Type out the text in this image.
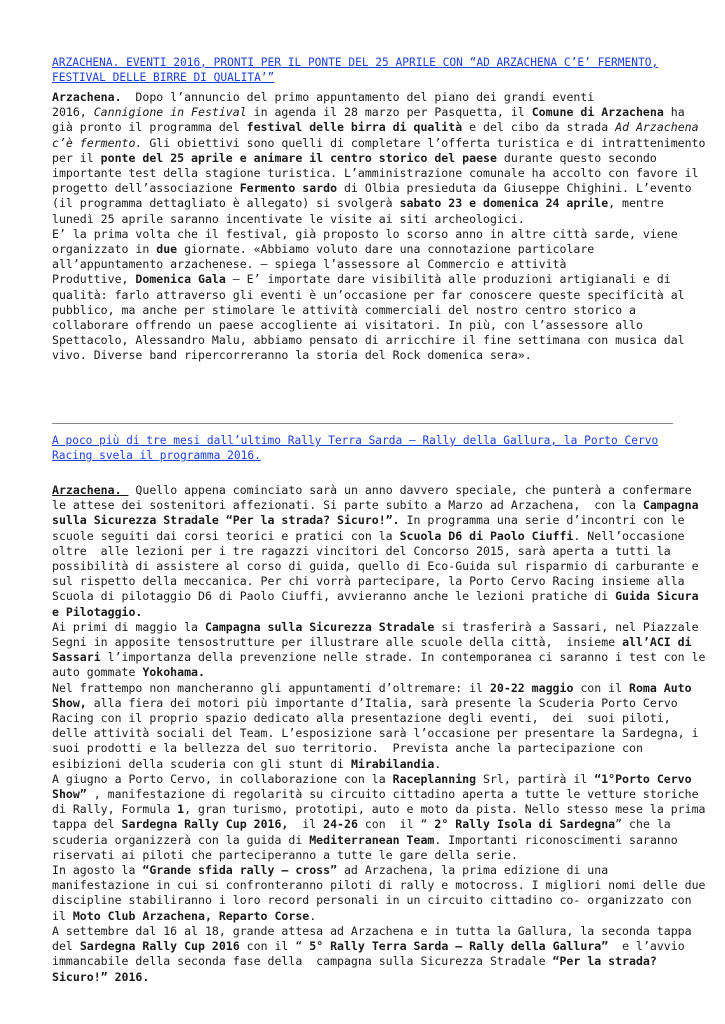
ARZACHENA. EVENTI 2016, PRONTI PER IL PONTE DEL 25 APRILE CON “AD ARZACHENA C’E’ FERMENTO,
FESTIVAL DELLE BIRRE DI QUALITA’”
Arzachena.  Dopo l’annuncio del primo appuntamento del piano dei grandi eventi
2016, Cannigione in Festival in agenda il 28 marzo per Pasquetta, il Comune di Arzachena ha
già pronto il programma del festival delle birra di qualità e del cibo da strada Ad Arzachena
c’è fermento. Gli obiettivi sono quelli di completare l’offerta turistica e di intrattenimento
per il ponte del 25 aprile e animare il centro storico del paese durante questo secondo
importante test della stagione turistica. L’amministrazione comunale ha accolto con favore il
progetto dell’associazione Fermento sardo di Olbia presieduta da Giuseppe Chighini. L’evento
(il programma dettagliato è allegato) si svolgerà sabato 23 e domenica 24 aprile, mentre
lunedì 25 aprile saranno incentivate le visite ai siti archeologici.
E’ la prima volta che il festival, già proposto lo scorso anno in altre città sarde, viene
organizzato in due giornate. «Abbiamo voluto dare una connotazione particolare
all’appuntamento arzachenese. – spiega l’assessore al Commercio e attività
Produttive, Domenica Gala – E’ importate dare visibilità alle produzioni artigianali e di
qualità: farlo attraverso gli eventi è un’occasione per far conoscere queste specificità al
pubblico, ma anche per stimolare le attività commerciali del nostro centro storico a
collaborare offrendo un paese accogliente ai visitatori. In più, con l’assessore allo
Spettacolo, Alessandro Malu, abbiamo pensato di arricchire il fine settimana con musica dal
vivo. Diverse band ripercorreranno la storia del Rock domenica sera».
A poco più di tre mesi dall’ultimo Rally Terra Sarda – Rally della Gallura, la Porto Cervo
Racing svela il programma 2016.
Arzachena.  Quello appena cominciato sarà un anno davvero speciale, che punterà a confermare
le attese dei sostenitori affezionati. Si parte subito a Marzo ad Arzachena,  con la Campagna
sulla Sicurezza Stradale “Per la strada? Sicuro!”. In programma una serie d’incontri con le
scuole seguiti dai corsi teorici e pratici con la Scuola D6 di Paolo Ciuffi. Nell’occasione
oltre  alle lezioni per i tre ragazzi vincitori del Concorso 2015, sarà aperta a tutti la
possibilità di assistere al corso di guida, quello di Eco-Guida sul risparmio di carburante e
sul rispetto della meccanica. Per chi vorrà partecipare, la Porto Cervo Racing insieme alla
Scuola di pilotaggio D6 di Paolo Ciuffi, avvieranno anche le lezioni pratiche di Guida Sicura
e Pilotaggio.
Ai primi di maggio la Campagna sulla Sicurezza Stradale si trasferirà a Sassari, nel Piazzale
Segni in apposite tensostrutture per illustrare alle scuole della città,  insieme all’ACI di
Sassari l’importanza della prevenzione nelle strade. In contemporanea ci saranno i test con le
auto gommate Yokohama.
Nel frattempo non mancheranno gli appuntamenti d’oltremare: il 20-22 maggio con il Roma Auto
Show, alla fiera dei motori più importante d’Italia, sarà presente la Scuderia Porto Cervo
Racing con il proprio spazio dedicato alla presentazione degli eventi,  dei  suoi piloti,
delle attività sociali del Team. L’esposizione sarà l’occasione per presentare la Sardegna, i
suoi prodotti e la bellezza del suo territorio.  Prevista anche la partecipazione con
esibizioni della scuderia con gli stunt di Mirabilandia.
A giugno a Porto Cervo, in collaborazione con la Raceplanning Srl, partirà il “1°Porto Cervo
Show” , manifestazione di regolarità su circuito cittadino aperta a tutte le vetture storiche
di Rally, Formula 1, gran turismo, prototipi, auto e moto da pista. Nello stesso mese la prima
tappa del Sardegna Rally Cup 2016,  il 24-26 con  il “ 2° Rally Isola di Sardegna” che la
scuderia organizzerà con la guida di Mediterranean Team. Importanti riconoscimenti saranno
riservati ai piloti che parteciperanno a tutte le gare della serie.
In agosto la “Grande sfida rally – cross” ad Arzachena, la prima edizione di una
manifestazione in cui si confronteranno piloti di rally e motocross. I migliori nomi delle due
discipline stabiliranno i loro record personali in un circuito cittadino co- organizzato con
il Moto Club Arzachena, Reparto Corse.
A settembre dal 16 al 18, grande attesa ad Arzachena e in tutta la Gallura, la seconda tappa
del Sardegna Rally Cup 2016 con il “ 5° Rally Terra Sarda – Rally della Gallura”  e l’avvio
immancabile della seconda fase della  campagna sulla Sicurezza Stradale “Per la strada?
Sicuro!” 2016.
